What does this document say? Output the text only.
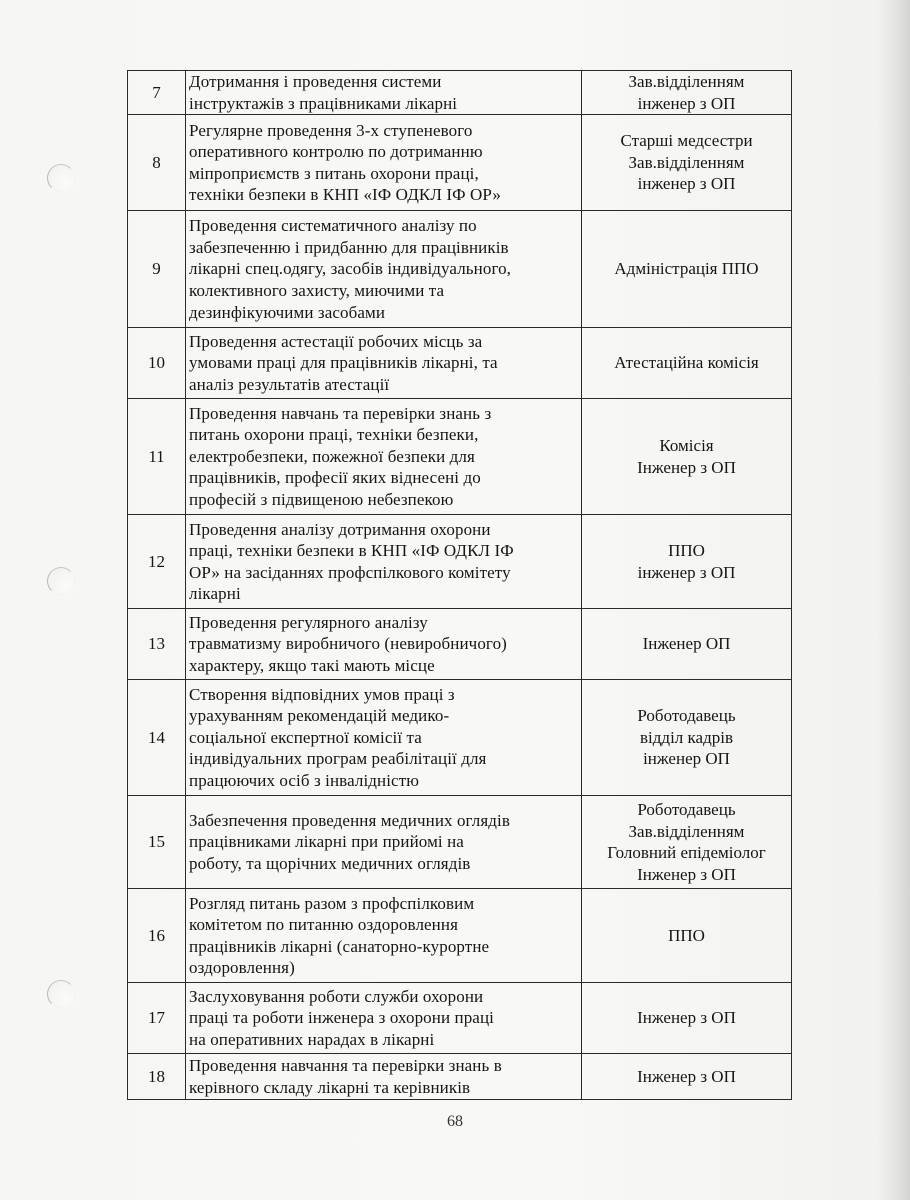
7	Дотримання і проведення системи
інструктажів з працівниками лікарні	Зав.відділенням
інженер з ОП
8	Регулярне проведення 3-х ступеневого
оперативного контролю по дотриманню
міпроприємств з питань охорони праці,
техніки безпеки в КНП «ІФ ОДКЛ ІФ ОР»	Старші медсестри
Зав.відділенням
інженер з ОП
9	Проведення систематичного аналізу по
забезпеченню і придбанню для працівників
лікарні спец.одягу, засобів індивідуального,
колективного захисту, миючими та
дезинфікуючими засобами	Адміністрація ППО
10	Проведення астестації робочих місць за
умовами праці для працівників лікарні, та
аналіз результатів атестації	Атестаційна комісія
11	Проведення навчань та перевірки знань з
питань охорони праці, техніки безпеки,
електробезпеки, пожежної безпеки для
працівників, професії яких віднесені до
професій з підвищеною небезпекою	Комісія
Інженер з ОП
12	Проведення аналізу дотримання охорони
праці, техніки безпеки в КНП «ІФ ОДКЛ ІФ
ОР» на засіданнях профспілкового комітету
лікарні	ППО
інженер з ОП
13	Проведення регулярного аналізу
травматизму виробничого (невиробничого)
характеру, якщо такі мають місце	Інженер ОП
14	Створення відповідних умов праці з
урахуванням рекомендацій медико-
соціальної експертної комісії та
індивідуальних програм реабілітації для
працюючих осіб з інвалідністю	Роботодавець
відділ кадрів
інженер ОП
15	Забезпечення проведення медичних оглядів
працівниками лікарні при прийомі на
роботу, та щорічних медичних оглядів	Роботодавець
Зав.відділенням
Головний епідеміолог
Інженер з ОП
16	Розгляд питань разом з профспілковим
комітетом по питанню оздоровлення
працівників лікарні (санаторно-курортне
оздоровлення)	ППО
17	Заслуховування роботи служби охорони
праці та роботи інженера з охорони праці
на оперативних нарадах в лікарні	Інженер з ОП
18	Проведення навчання та перевірки знань в
керівного складу лікарні та керівників	Інженер з ОП
68
